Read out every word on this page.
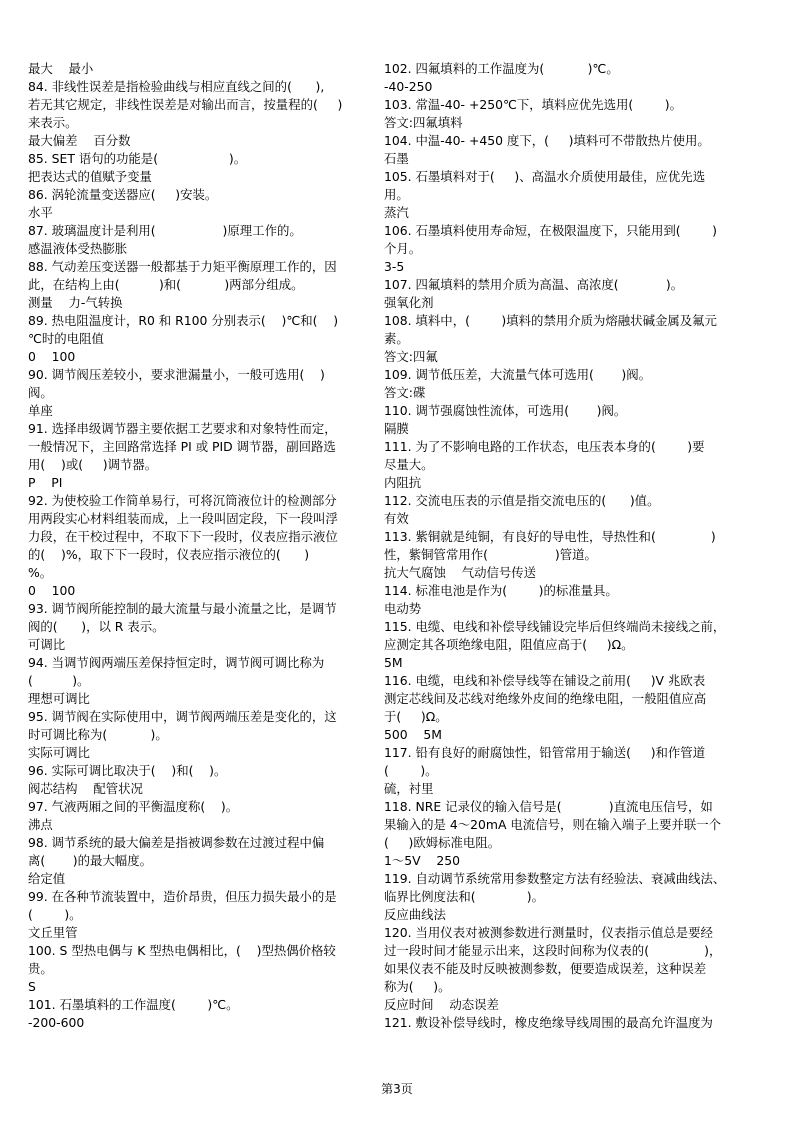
最大    最小
84. 非线性误差是指检验曲线与相应直线之间的(      ),
若无其它规定，非线性误差是对输出而言，按量程的(     )
来表示。
最大偏差    百分数
85. SET 语句的功能是(                  )。
把表达式的值赋予变量
86. 涡轮流量变送器应(     )安装。
水平
87. 玻璃温度计是利用(                 )原理工作的。
感温液体受热膨胀
88. 气动差压变送器一般都基于力矩平衡原理工作的，因
此，在结构上由(          )和(           )两部分组成。
测量    力-气转换
89. 热电阻温度计，R0 和 R100 分别表示(    )℃和(    )
℃时的电阻值
0    100
90. 调节阀压差较小，要求泄漏量小，一般可选用(    )
阀。
单座
91. 选择串级调节器主要依据工艺要求和对象特性而定，
一般情况下，主回路常选择 PI 或 PID 调节器，副回路选
用(    )或(     )调节器。
P    PI
92. 为使校验工作简单易行，可将沉筒液位计的检测部分
用两段实心材料组装而成，上一段叫固定段，下一段叫浮
力段，在干校过程中，不取下下一段时，仪表应指示液位
的(    )%，取下下一段时，仪表应指示液位的(      )
%。
0    100
93. 调节阀所能控制的最大流量与最小流量之比，是调节
阀的(      )，以 R 表示。
可调比
94. 当调节阀两端压差保持恒定时，调节阀可调比称为
(          )。
理想可调比
95. 调节阀在实际使用中，调节阀两端压差是变化的，这
时可调比称为(           )。
实际可调比
96. 实际可调比取决于(    )和(    )。
阀芯结构    配管状况
97. 气液两厢之间的平衡温度称(    )。
沸点
98. 调节系统的最大偏差是指被调参数在过渡过程中偏
离(       )的最大幅度。
给定值
99. 在各种节流装置中，造价昂贵，但压力损失最小的是
(        )。
文丘里管
100. S 型热电偶与 K 型热电偶相比，(    )型热偶价格较
贵。
S
101. 石墨填料的工作温度(        )℃。
-200-600
102. 四氟填料的工作温度为(           )℃。
-40-250
103. 常温-40- +250℃下，填料应优先选用(        )。
答文:四氟填料
104. 中温-40- +450 度下，(     )填料可不带散热片使用。
石墨
105. 石墨填料对于(     )、高温水介质使用最佳，应优先选
用。
蒸汽
106. 石墨填料使用寿命短，在极限温度下，只能用到(        )
个月。
3-5
107. 四氟填料的禁用介质为高温、高浓度(            )。
强氧化剂
108. 填料中，(        )填料的禁用介质为熔融状碱金属及氟元
素。
答文:四氟
109. 调节低压差，大流量气体可选用(       )阀。
答文:碟
110. 调节强腐蚀性流体，可选用(       )阀。
隔膜
111. 为了不影响电路的工作状态，电压表本身的(        )要
尽量大。
内阻抗
112. 交流电压表的示值是指交流电压的(      )值。
有效
113. 紫铜就是纯铜，有良好的导电性，导热性和(              )
性，紫铜管常用作(                 )管道。
抗大气腐蚀    气动信号传送
114. 标准电池是作为(        )的标准量具。
电动势
115. 电缆、电线和补偿导线铺设完毕后但终端尚未接线之前，
应测定其各项绝缘电阻，阻值应高于(     )Ω。
5M
116. 电缆，电线和补偿导线等在铺设之前用(     )V 兆欧表
测定芯线间及芯线对绝缘外皮间的绝缘电阻，一般阻值应高
于(     )Ω。
500    5M
117. 铅有良好的耐腐蚀性，铅管常用于输送(     )和作管道
(        )。
硫，衬里
118. NRE 记录仪的输入信号是(            )直流电压信号，如
果输入的是 4～20mA 电流信号，则在输入端子上要并联一个
(     )欧姆标准电阻。
1～5V    250
119. 自动调节系统常用参数整定方法有经验法、衰减曲线法、
临界比例度法和(             )。
反应曲线法
120. 当用仪表对被测参数进行测量时，仪表指示值总是要经
过一段时间才能显示出来，这段时间称为仪表的(              )，
如果仪表不能及时反映被测参数，便要造成误差，这种误差
称为(     )。
反应时间    动态误差
121. 敷设补偿导线时，橡皮绝缘导线周围的最高允许温度为
第3页
